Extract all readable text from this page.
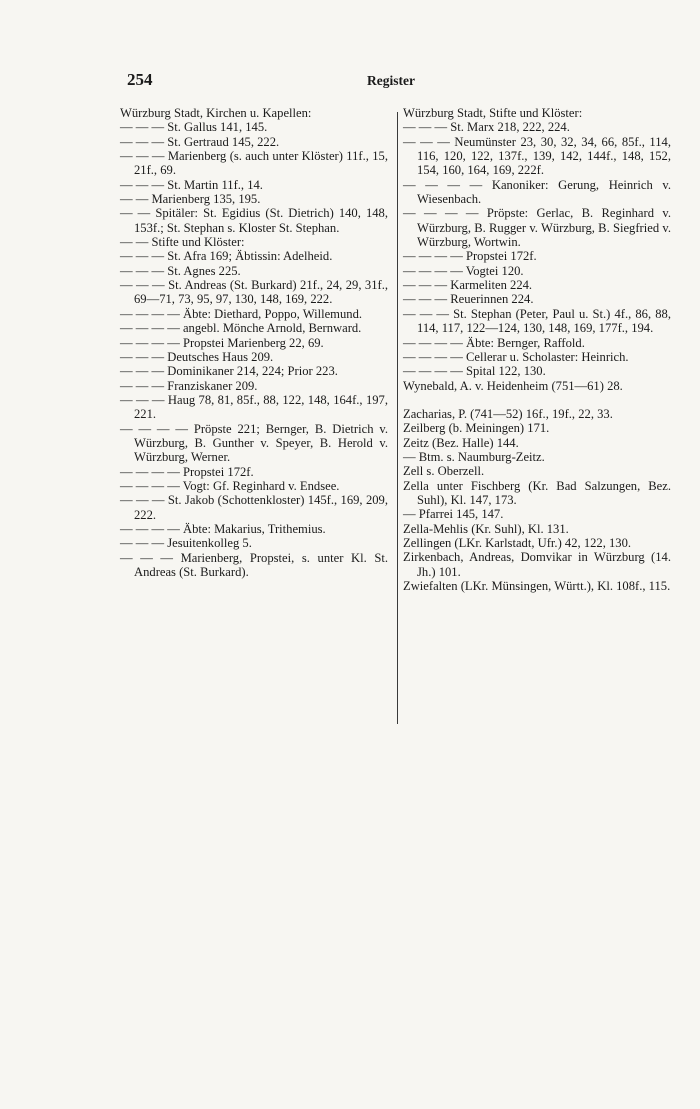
254	Register
Würzburg Stadt, Kirchen u. Kapellen:
— — — St. Gallus 141, 145.
— — — St. Gertraud 145, 222.
— — — Marienberg (s. auch unter Klöster) 11f., 15, 21f., 69.
— — — St. Martin 11f., 14.
— — Marienberg 135, 195.
— — Spitäler: St. Egidius (St. Dietrich) 140, 148, 153f.; St. Stephan s. Kloster St. Stephan.
— — Stifte und Klöster:
— — — St. Afra 169; Äbtissin: Adelheid.
— — — St. Agnes 225.
— — — St. Andreas (St. Burkard) 21f., 24, 29, 31f., 69—71, 73, 95, 97, 130, 148, 169, 222.
— — — — Äbte: Diethard, Poppo, Willemund.
— — — — angebl. Mönche Arnold, Bernward.
— — — — Propstei Marienberg 22, 69.
— — — Deutsches Haus 209.
— — — Dominikaner 214, 224; Prior 223.
— — — Franziskaner 209.
— — — Haug 78, 81, 85f., 88, 122, 148, 164f., 197, 221.
— — — — Pröpste 221; Bernger, B. Dietrich v. Würzburg, B. Gunther v. Speyer, B. Herold v. Würzburg, Werner.
— — — — Propstei 172f.
— — — — Vogt: Gf. Reginhard v. Endsee.
— — — St. Jakob (Schottenkloster) 145f., 169, 209, 222.
— — — — Äbte: Makarius, Trithemius.
— — — Jesuitenkolleg 5.
— — — Marienberg, Propstei, s. unter Kl. St. Andreas (St. Burkard).
Würzburg Stadt, Stifte und Klöster:
— — — St. Marx 218, 222, 224.
— — — Neumünster 23, 30, 32, 34, 66, 85f., 114, 116, 120, 122, 137f., 139, 142, 144f., 148, 152, 154, 160, 164, 169, 222f.
— — — — Kanoniker: Gerung, Heinrich v. Wiesenbach.
— — — — Pröpste: Gerlac, B. Reginhard v. Würzburg, B. Rugger v. Würzburg, B. Siegfried v. Würzburg, Wortwin.
— — — — Propstei 172f.
— — — — Vogtei 120.
— — — Karmeliten 224.
— — — Reuerinnen 224.
— — — St. Stephan (Peter, Paul u. St.) 4f., 86, 88, 114, 117, 122—124, 130, 148, 169, 177f., 194.
— — — — Äbte: Bernger, Raffold.
— — — — Cellerar u. Scholaster: Heinrich.
— — — — Spital 122, 130.
Wynebald, A. v. Heidenheim (751—61) 28.
Zacharias, P. (741—52) 16f., 19f., 22, 33.
Zeilberg (b. Meiningen) 171.
Zeitz (Bez. Halle) 144.
— Btm. s. Naumburg-Zeitz.
Zell s. Oberzell.
Zella unter Fischberg (Kr. Bad Salzungen, Bez. Suhl), Kl. 147, 173.
— Pfarrei 145, 147.
Zella-Mehlis (Kr. Suhl), Kl. 131.
Zellingen (LKr. Karlstadt, Ufr.) 42, 122, 130.
Zirkenbach, Andreas, Domvikar in Würzburg (14. Jh.) 101.
Zwiefalten (LKr. Münsingen, Württ.), Kl. 108f., 115.
